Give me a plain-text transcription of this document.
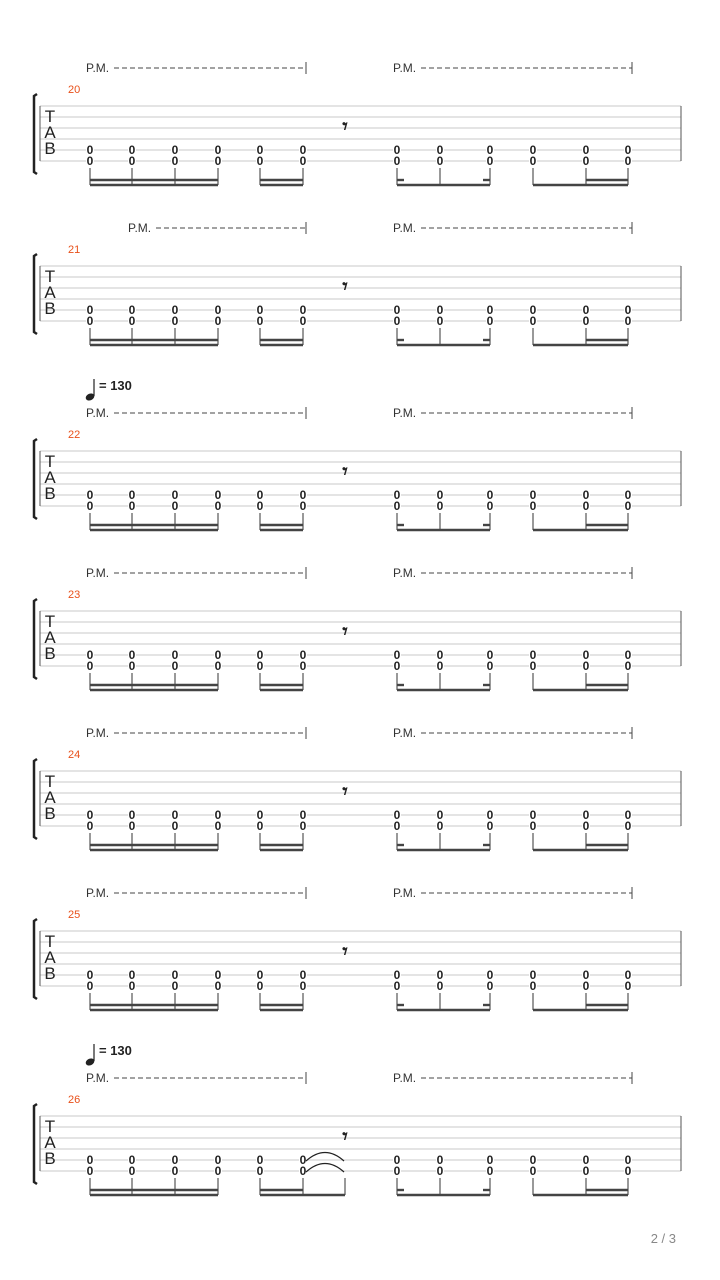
P.M.	P.M.
20
T
A
B
𝄾
0
0
0
0
0
0
0
0
0
0
0
0
0
0
0
0
0
0
0
0
0
0
0
0
P.M.	P.M.
21
T
A
B
𝄾
0
0
0
0
0
0
0
0
0
0
0
0
0
0
0
0
0
0
0
0
0
0
0
0
= 130
P.M.	P.M.
22
T
A
B
𝄾
0
0
0
0
0
0
0
0
0
0
0
0
0
0
0
0
0
0
0
0
0
0
0
0
P.M.	P.M.
23
T
A
B
𝄾
0
0
0
0
0
0
0
0
0
0
0
0
0
0
0
0
0
0
0
0
0
0
0
0
P.M.	P.M.
24
T
A
B
𝄾
0
0
0
0
0
0
0
0
0
0
0
0
0
0
0
0
0
0
0
0
0
0
0
0
P.M.	P.M.
25
T
A
B
𝄾
0
0
0
0
0
0
0
0
0
0
0
0
0
0
0
0
0
0
0
0
0
0
0
0
= 130
P.M.	P.M.
26
T
A
B
𝄾
0
0
0
0
0
0
0
0
0
0
0
0
0
0
0
0
0
0
0
0
0
0
0
0
2 / 3
